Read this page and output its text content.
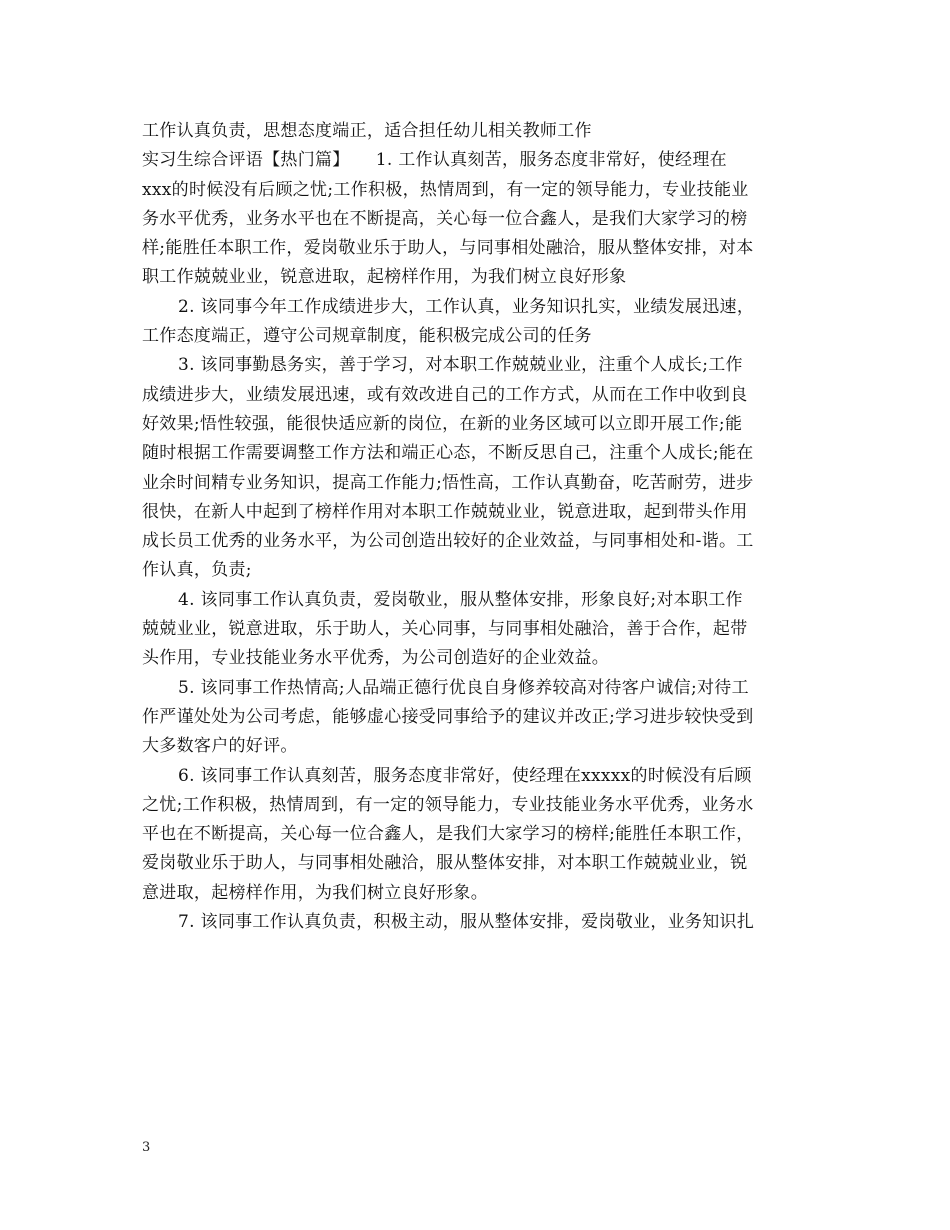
工作认真负责，思想态度端正，适合担任幼儿相关教师工作
实习生综合评语【热门篇】　　1. 工作认真刻苦，服务态度非常好，使经理在
xxx的时候没有后顾之忧;工作积极，热情周到，有一定的领导能力，专业技能业
务水平优秀，业务水平也在不断提高，关心每一位合鑫人，是我们大家学习的榜
样;能胜任本职工作，爱岗敬业乐于助人，与同事相处融洽，服从整体安排，对本
职工作兢兢业业，锐意进取，起榜样作用，为我们树立良好形象
2. 该同事今年工作成绩进步大，工作认真，业务知识扎实，业绩发展迅速，
工作态度端正，遵守公司规章制度，能积极完成公司的任务
3. 该同事勤恳务实，善于学习，对本职工作兢兢业业，注重个人成长;工作
成绩进步大，业绩发展迅速，或有效改进自己的工作方式，从而在工作中收到良
好效果;悟性较强，能很快适应新的岗位，在新的业务区域可以立即开展工作;能
随时根据工作需要调整工作方法和端正心态，不断反思自己，注重个人成长;能在
业余时间精专业务知识，提高工作能力;悟性高，工作认真勤奋，吃苦耐劳，进步
很快，在新人中起到了榜样作用对本职工作兢兢业业，锐意进取，起到带头作用
成长员工优秀的业务水平，为公司创造出较好的企业效益，与同事相处和-谐。工
作认真，负责;
4. 该同事工作认真负责，爱岗敬业，服从整体安排，形象良好;对本职工作
兢兢业业，锐意进取，乐于助人，关心同事，与同事相处融洽，善于合作，起带
头作用，专业技能业务水平优秀，为公司创造好的企业效益。
5. 该同事工作热情高;人品端正德行优良自身修养较高对待客户诚信;对待工
作严谨处处为公司考虑，能够虚心接受同事给予的建议并改正;学习进步较快受到
大多数客户的好评。
6. 该同事工作认真刻苦，服务态度非常好，使经理在xxxxx的时候没有后顾
之忧;工作积极，热情周到，有一定的领导能力，专业技能业务水平优秀，业务水
平也在不断提高，关心每一位合鑫人，是我们大家学习的榜样;能胜任本职工作，
爱岗敬业乐于助人，与同事相处融洽，服从整体安排，对本职工作兢兢业业，锐
意进取，起榜样作用，为我们树立良好形象。
7. 该同事工作认真负责，积极主动，服从整体安排，爱岗敬业，业务知识扎
3
